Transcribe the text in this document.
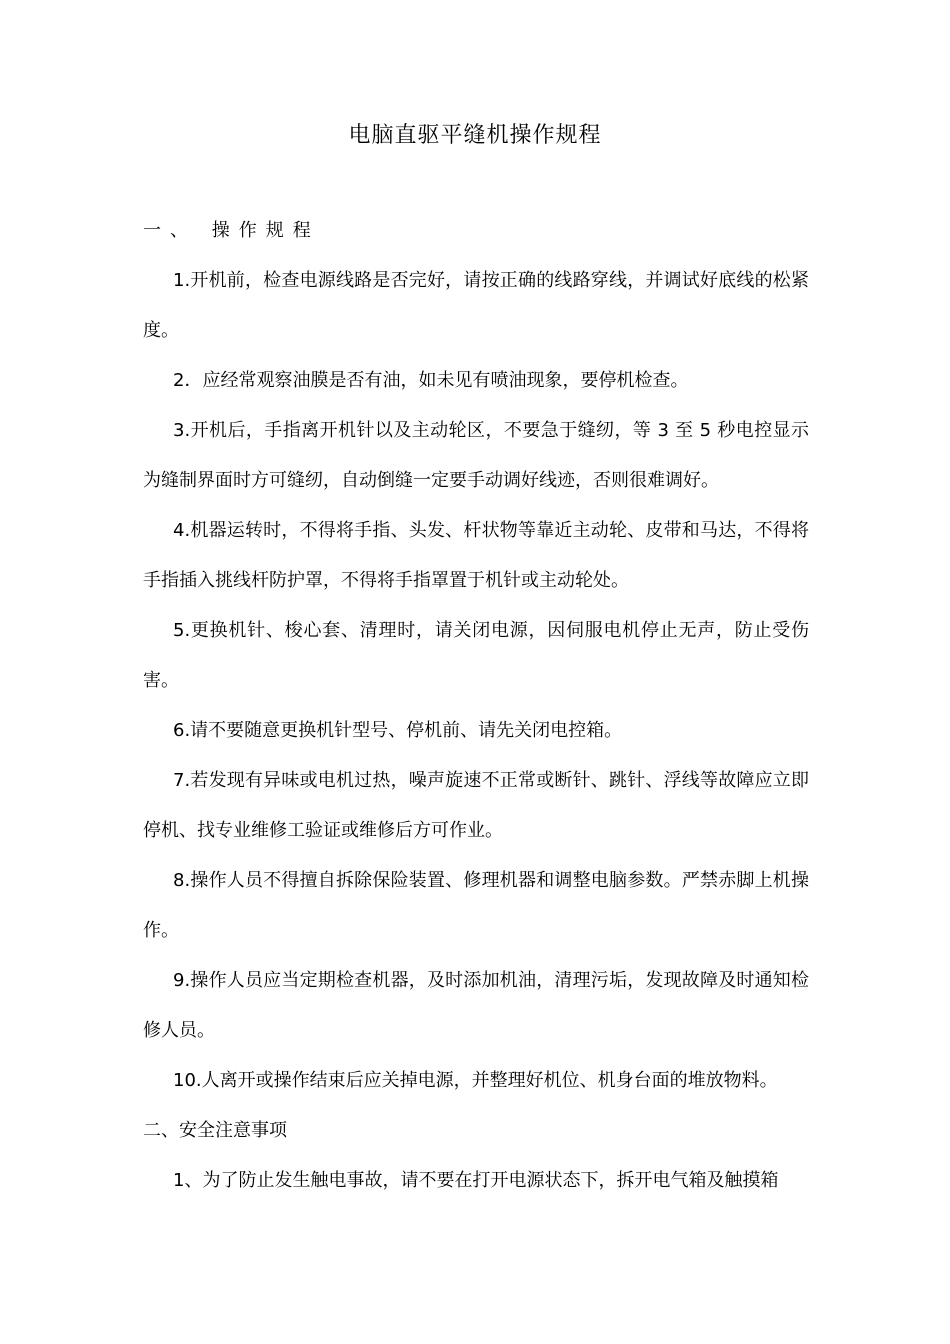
电脑直驱平缝机操作规程

一、 操作规程

1.开机前，检查电源线路是否完好，请按正确的线路穿线，并调试好底线的松紧度。

2．应经常观察油膜是否有油，如未见有喷油现象，要停机检查。

3.开机后，手指离开机针以及主动轮区，不要急于缝纫，等 3 至 5 秒电控显示为缝制界面时方可缝纫，自动倒缝一定要手动调好线迹，否则很难调好。

4.机器运转时，不得将手指、头发、杆状物等靠近主动轮、皮带和马达，不得将手指插入挑线杆防护罩，不得将手指罩置于机针或主动轮处。

5.更换机针、梭心套、清理时，请关闭电源，因伺服电机停止无声，防止受伤害。

6.请不要随意更换机针型号、停机前、请先关闭电控箱。

7.若发现有异味或电机过热，噪声旋速不正常或断针、跳针、浮线等故障应立即停机、找专业维修工验证或维修后方可作业。

8.操作人员不得擅自拆除保险装置、修理机器和调整电脑参数。严禁赤脚上机操作。

9.操作人员应当定期检查机器，及时添加机油，清理污垢，发现故障及时通知检修人员。

10.人离开或操作结束后应关掉电源，并整理好机位、机身台面的堆放物料。

二、安全注意事项

1、为了防止发生触电事故，请不要在打开电源状态下，拆开电气箱及触摸箱
